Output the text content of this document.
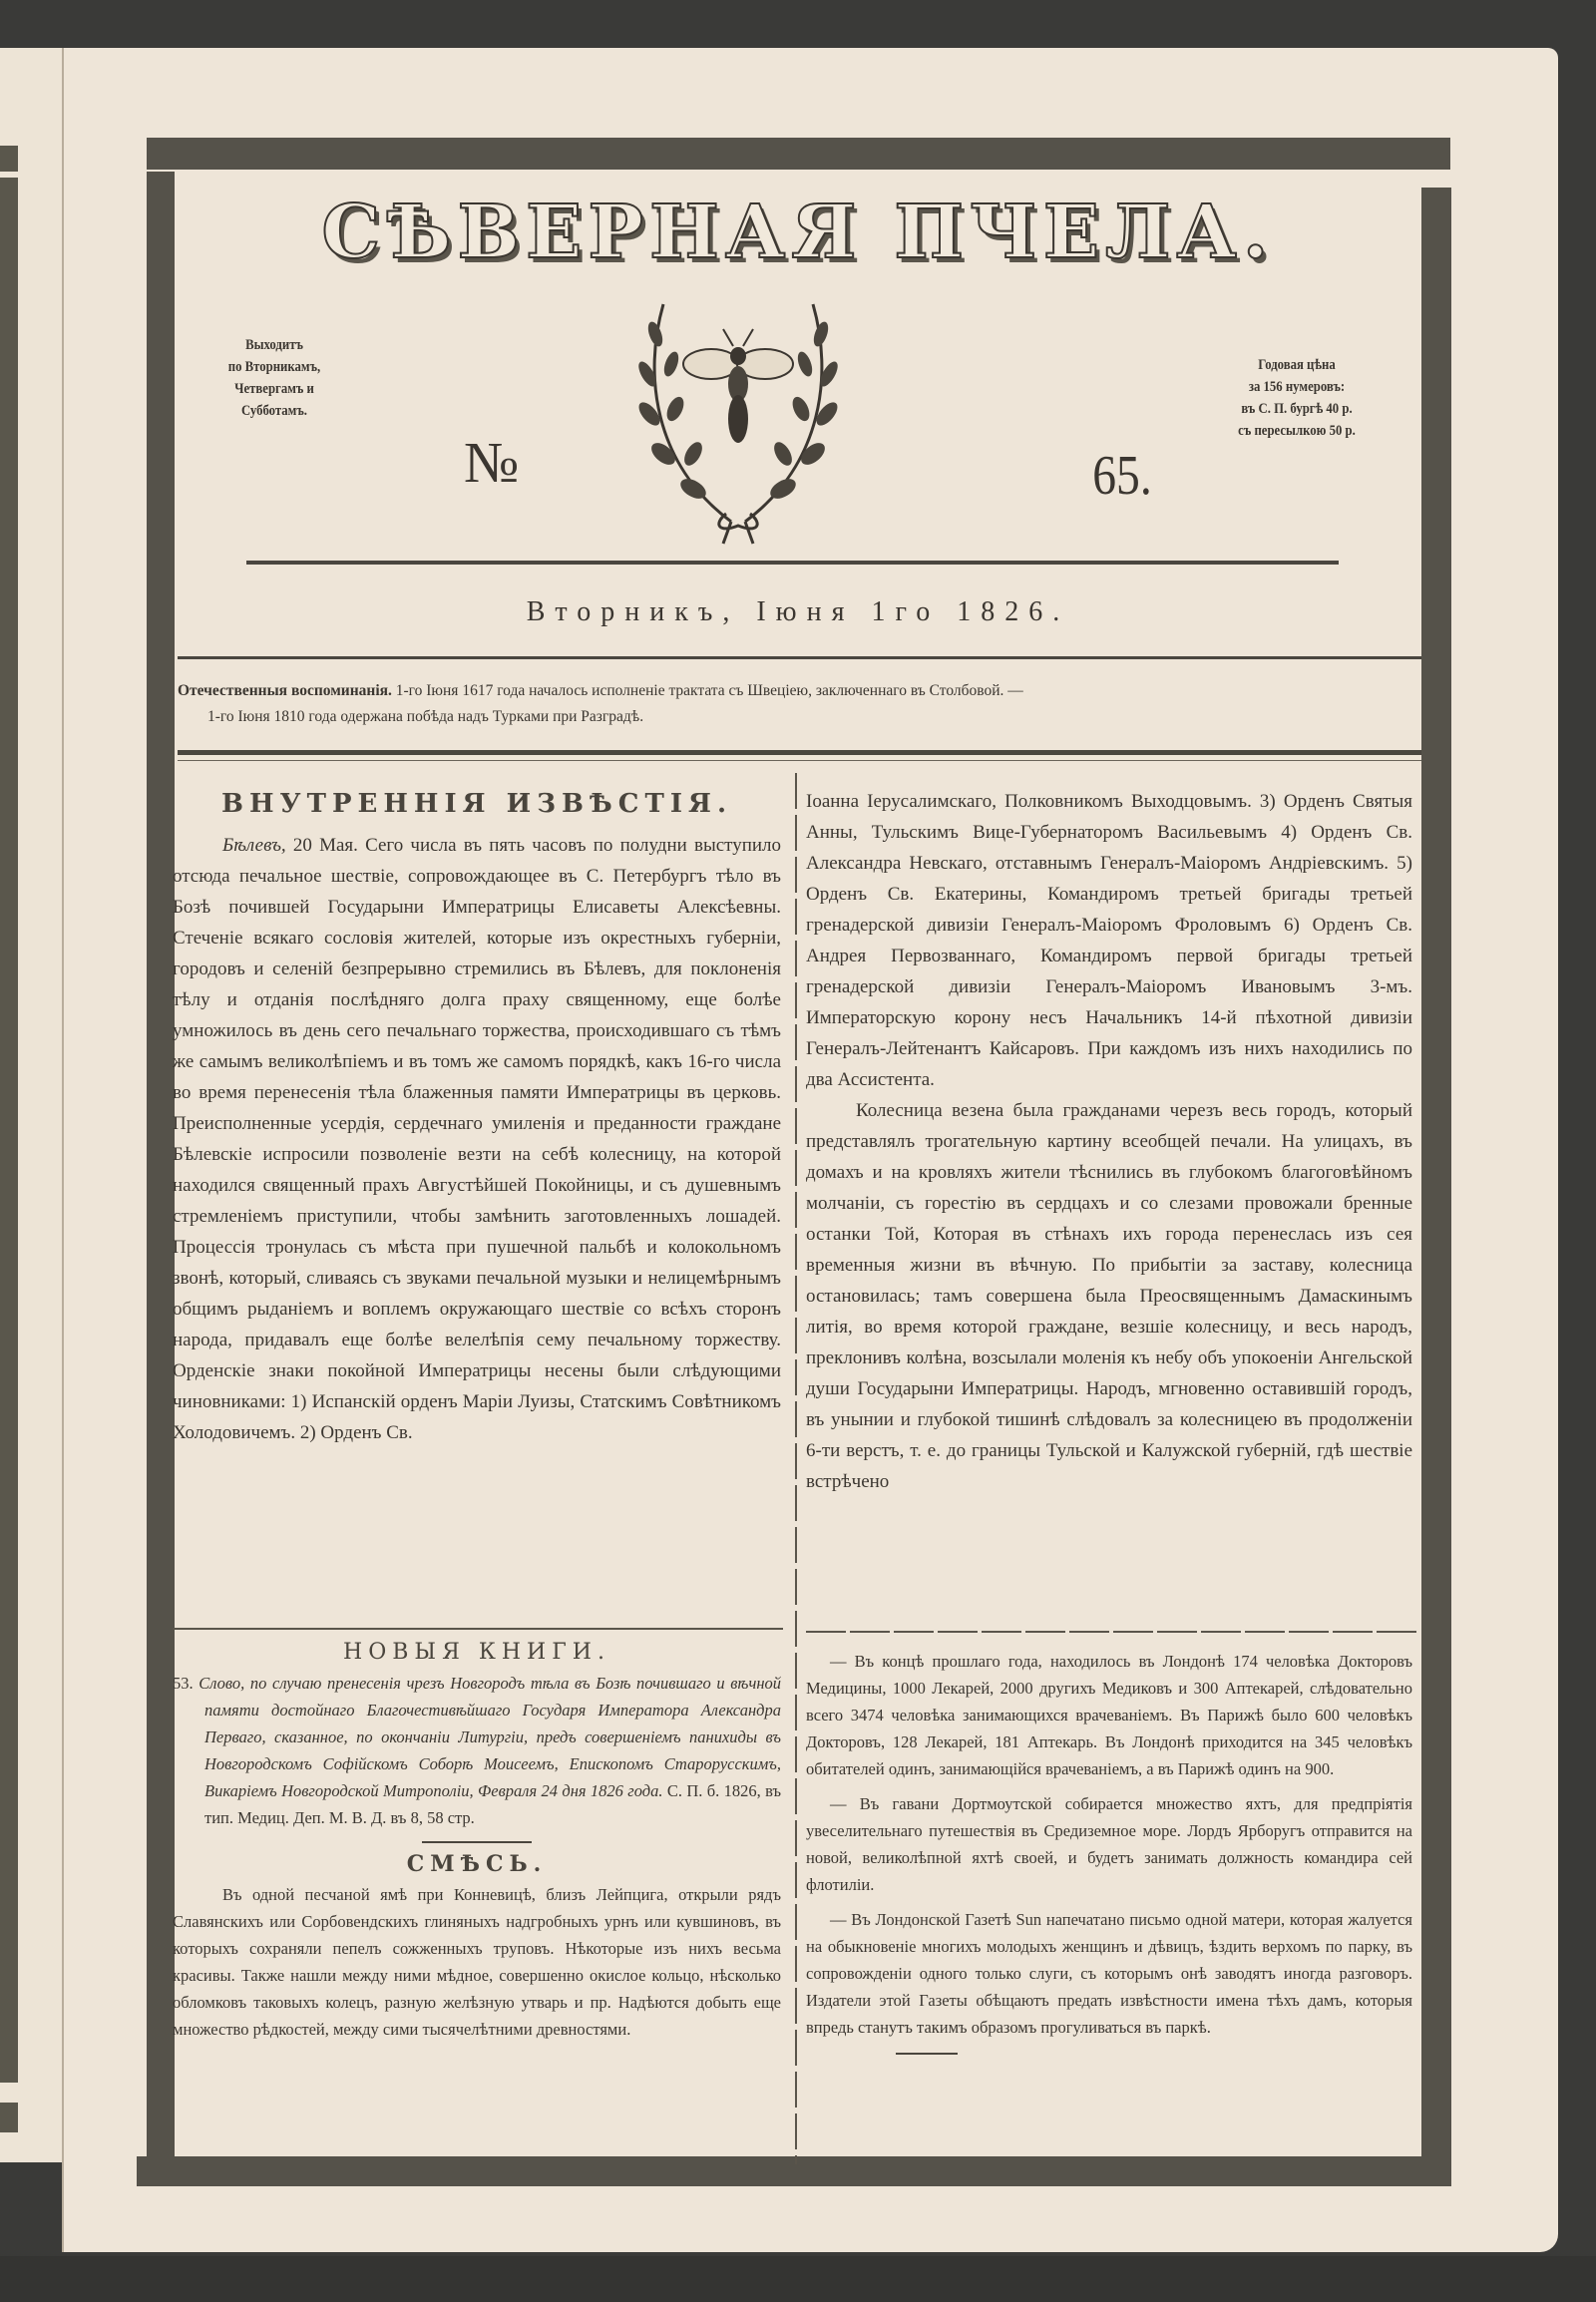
СѢВЕРНАЯ ПЧЕЛА.
Выходитъ
по Вторникамъ,
Четвергамъ и
Субботамъ.
Годовая цѣна
за 156 нумеровъ:
въ С. П. бургѣ 40 р.
съ пересылкою 50 р.
№	65.
Вторникъ, Іюня 1го 1826.
Отечественныя воспоминанія. 1-го Іюня 1617 года началось исполненіе трактата съ Швеціею, заключеннаго въ Столбовой. —
1-го Іюня 1810 года одержана побѣда надъ Турками при Разградѣ.
ВНУТРЕННІЯ ИЗВѢСТІЯ.

Бѣлевъ, 20 Мая. Сего числа въ пять часовъ по полудни выступило отсюда печальное шествіе, сопровождающее въ С. Петербургъ тѣло въ Бозѣ почившей Государыни Императрицы Елисаветы Алексѣевны. Стеченіе всякаго сословія жителей, которые изъ окрестныхъ губерніи, городовъ и селеній безпрерывно стремились въ Бѣлевъ, для поклоненія тѣлу и отданія послѣдняго долга праху священному, еще болѣе умножилось въ день сего печальнаго торжества, происходившаго съ тѣмъ же самымъ великолѣпіемъ и въ томъ же самомъ порядкѣ, какъ 16-го числа во время перенесенія тѣла блаженныя памяти Императрицы въ церковь. Преисполненные усердія, сердечнаго умиленія и преданности граждане Бѣлевскіе испросили позволеніе везти на себѣ колесницу, на которой находился священный прахъ Августѣйшей Покойницы, и съ душевнымъ стремленіемъ приступили, чтобы замѣнить заготовленныхъ лошадей. Процессія тронулась съ мѣста при пушечной пальбѣ и колокольномъ звонѣ, который, сливаясь съ звуками печальной музыки и нелицемѣрнымъ общимъ рыданіемъ и воплемъ окружающаго шествіе со всѣхъ сторонъ народа, придавалъ еще болѣе велелѣпія сему печальному торжеству. Орденскіе знаки покойной Императрицы несены были слѣдующими чиновниками: 1) Испанскій орденъ Маріи Луизы, Статскимъ Совѣтникомъ Холодовичемъ. 2) Орденъ Св.

НОВЫЯ КНИГИ.

53. Слово, по случаю пренесенія чрезъ Новгородъ тѣла въ Бозѣ почившаго и вѣчной памяти достойнаго Благочестивѣйшаго Государя Императора Александра Перваго, сказанное, по окончаніи Литургіи, предъ совершеніемъ панихиды въ Новгородскомъ Софійскомъ Соборѣ Моисеемъ, Епископомъ Старорусскимъ, Викаріемъ Новгородской Митрополіи, Февраля 24 дня 1826 года. С. П. б. 1826, въ тип. Медиц. Деп. М. В. Д. въ 8, 58 стр.

СМѢСЬ.

Въ одной песчаной ямѣ при Конневицѣ, близъ Лейпцига, открыли рядъ Славянскихъ или Сорбовендскихъ глиняныхъ надгробныхъ урнъ или кувшиновъ, въ которыхъ сохраняли пепелъ сожженныхъ труповъ. Нѣкоторые изъ нихъ весьма красивы. Также нашли между ними мѣдное, совершенно окислое кольцо, нѣсколько обломковъ таковыхъ колецъ, разную желѣзную утварь и пр. Надѣются добыть еще множество рѣдкостей, между сими тысячелѣтними древностями.

Іоанна Іерусалимскаго, Полковникомъ Выходцовымъ. 3) Орденъ Святыя Анны, Тульскимъ Вице-Губернаторомъ Васильевымъ 4) Орденъ Св. Александра Невскаго, отставнымъ Генералъ-Маіоромъ Андріевскимъ. 5) Орденъ Св. Екатерины, Командиромъ третьей бригады третьей гренадерской дивизіи Генералъ-Маіоромъ Фроловымъ 6) Орденъ Св. Андрея Первозваннаго, Командиромъ первой бригады третьей гренадерской дивизіи Генералъ-Маіоромъ Ивановымъ 3-мъ. Императорскую корону несъ Начальникъ 14-й пѣхотной дивизіи Генералъ-Лейтенантъ Кайсаровъ. При каждомъ изъ нихъ находились по два Ассистента.

Колесница везена была гражданами черезъ весь городъ, который представлялъ трогательную картину всеобщей печали. На улицахъ, въ домахъ и на кровляхъ жители тѣснились въ глубокомъ благоговѣйномъ молчаніи, съ горестію въ сердцахъ и со слезами провожали бренные останки Той, Которая въ стѣнахъ ихъ города перенеслась изъ сея временныя жизни въ вѣчную. По прибытіи за заставу, колесница остановилась; тамъ совершена была Преосвященнымъ Дамаскинымъ литія, во время которой граждане, везшіе колесницу, и весь народъ, преклонивъ колѣна, возсылали моленія къ небу объ упокоеніи Ангельской души Государыни Императрицы. Народъ, мгновенно оставившій городъ, въ унынии и глубокой тишинѣ слѣдовалъ за колесницею въ продолженіи 6-ти верстъ, т. е. до границы Тульской и Калужской губерній, гдѣ шествіе встрѣчено

— Въ концѣ прошлаго года, находилось въ Лондонѣ 174 человѣка Докторовъ Медицины, 1000 Лекарей, 2000 другихъ Медиковъ и 300 Аптекарей, слѣдовательно всего 3474 человѣка занимающихся врачеваніемъ. Въ Парижѣ было 600 человѣкъ Докторовъ, 128 Лекарей, 181 Аптекарь. Въ Лондонѣ приходится на 345 человѣкъ обитателей одинъ, занимающійся врачеваніемъ, а въ Парижѣ одинъ на 900.

— Въ гавани Дортмоутской собирается множество яхтъ, для предпріятія увеселительнаго путешествія въ Средиземное море. Лордъ Ярборугъ отправится на новой, великолѣпной яхтѣ своей, и будетъ занимать должность командира сей флотиліи.

— Въ Лондонской Газетѣ Sun напечатано письмо одной матери, которая жалуется на обыкновеніе многихъ молодыхъ женщинъ и дѣвицъ, ѣздить верхомъ по парку, въ сопровожденіи одного только слуги, съ которымъ онѣ заводятъ иногда разговоръ. Издатели этой Газеты обѣщаютъ предать извѣстности имена тѣхъ дамъ, которыя впредь станутъ такимъ образомъ прогуливаться въ паркѣ.
